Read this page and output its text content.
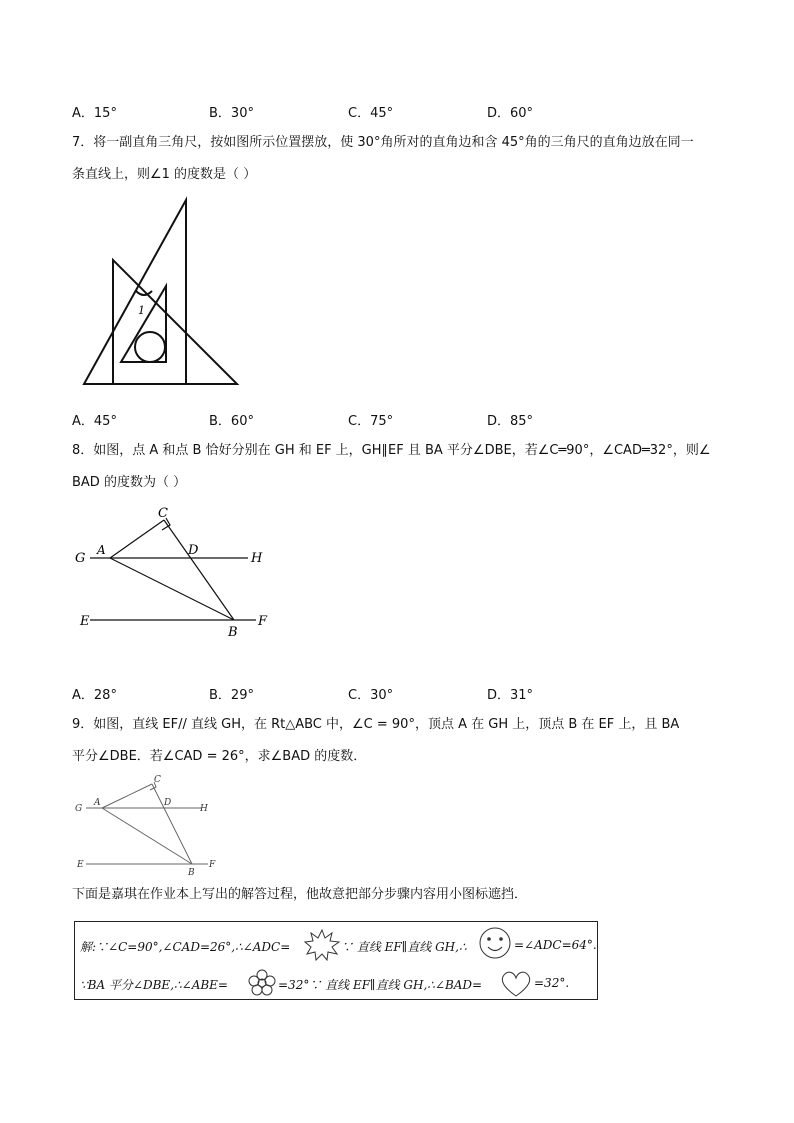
A．15°	B．30°	C．45°	D．60°
7．将一副直角三角尺，按如图所示位置摆放，使 30°角所对的直角边和含 45°角的三角尺的直角边放在同一
条直线上，则∠1 的度数是（ ）
1
A．45°	B．60°	C．75°	D．85°
8．如图，点 A 和点 B 恰好分别在 GH 和 EF 上，GH∥EF 且 BA 平分∠DBE，若∠C═90°，∠CAD═32°，则∠
BAD 的度数为（ ）
C
G
A	D
H
E
B
F
A．28°	B．29°	C．30°	D．31°
9．如图，直线 EF// 直线 GH，在 Rt△ABC 中，∠C = 90°，顶点 A 在 GH 上，顶点 B 在 EF 上，且 BA
平分∠DBE．若∠CAD = 26°，求∠BAD 的度数．
C
G
A	D
H
E
B
F
下面是嘉琪在作业本上写出的解答过程，他故意把部分步骤内容用小图标遮挡．
解:∵∠C=90°,∠CAD=26°,∴∠ADC=	∵ 直线 EF∥直线 GH,∴	=∠ADC=64°.
∵BA 平分∠DBE,∴∠ABE=	=32°∵ 直线 EF∥直线 GH,∴∠BAD=	=32°.
